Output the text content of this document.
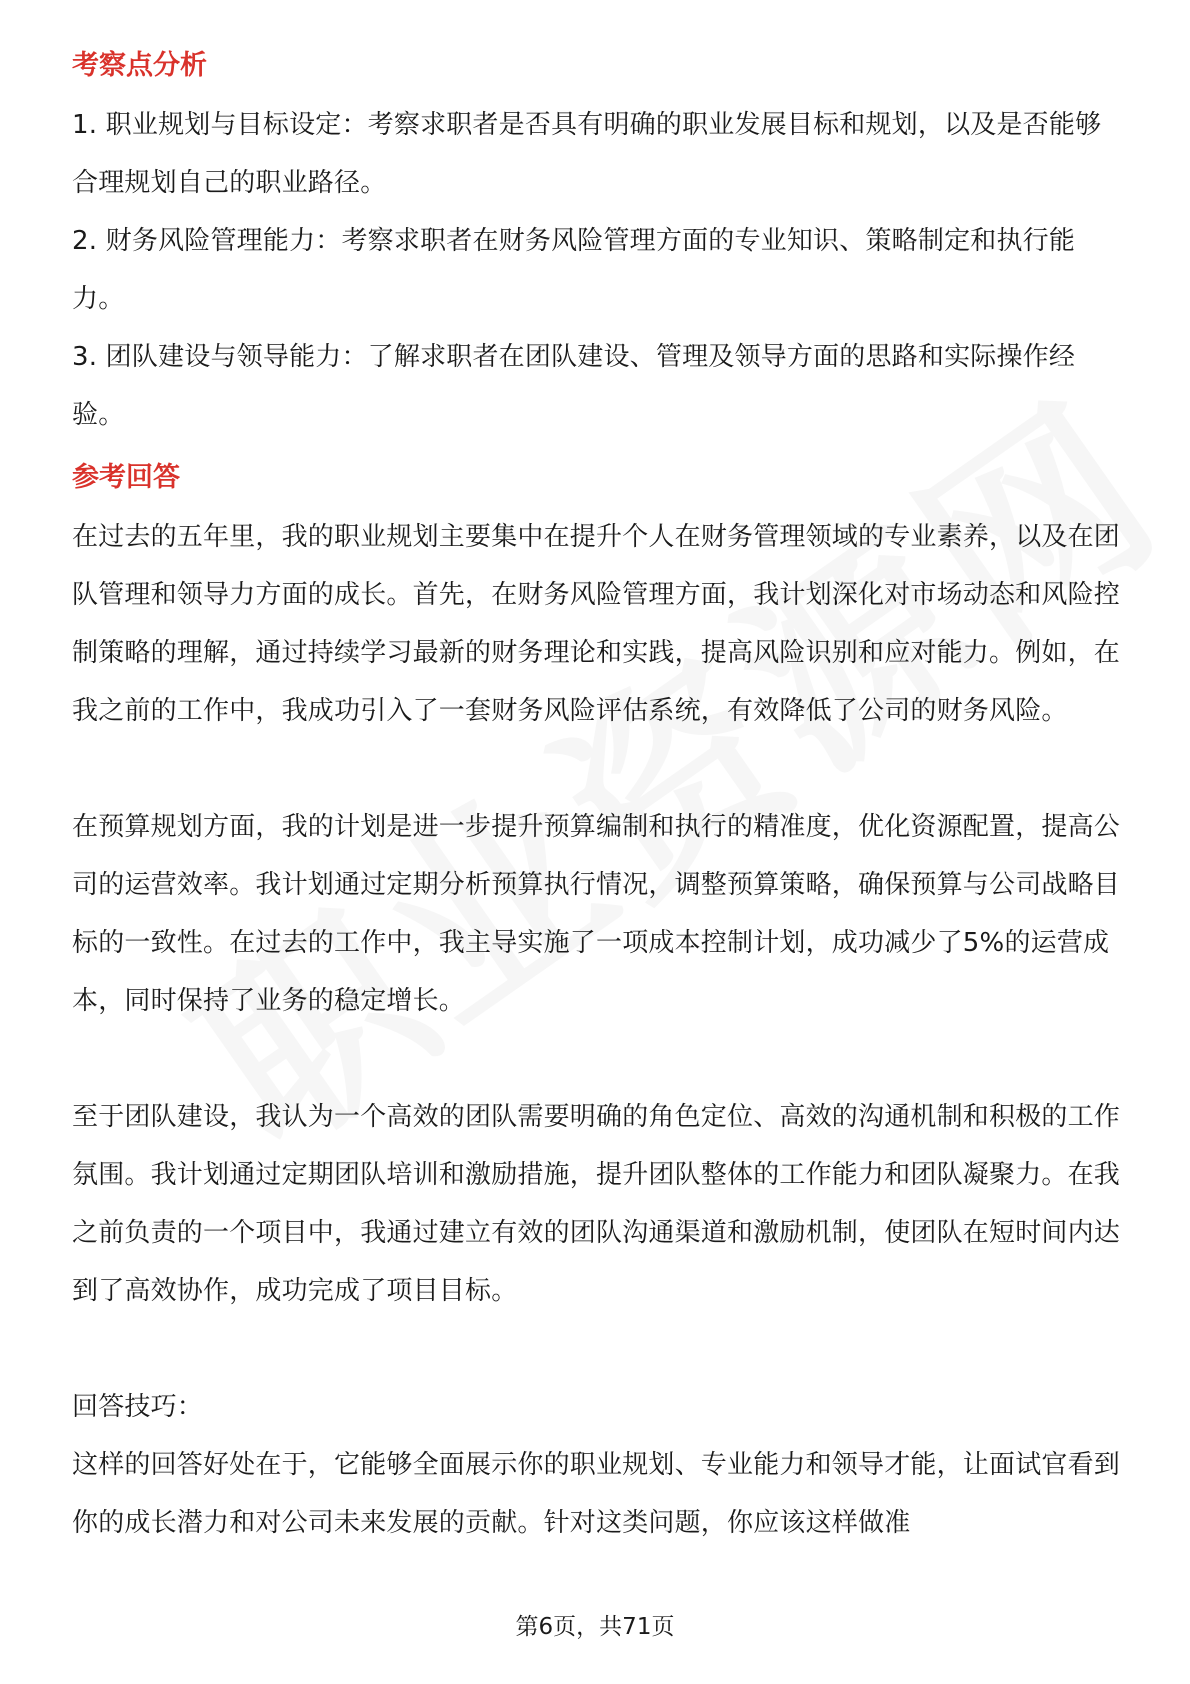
考察点分析

1. 职业规划与目标设定：考察求职者是否具有明确的职业发展目标和规划，以及是否能够合理规划自己的职业路径。

2. 财务风险管理能力：考察求职者在财务风险管理方面的专业知识、策略制定和执行能力。

3. 团队建设与领导能力：了解求职者在团队建设、管理及领导方面的思路和实际操作经验。

参考回答

在过去的五年里，我的职业规划主要集中在提升个人在财务管理领域的专业素养，以及在团队管理和领导力方面的成长。首先，在财务风险管理方面，我计划深化对市场动态和风险控制策略的理解，通过持续学习最新的财务理论和实践，提高风险识别和应对能力。例如，在我之前的工作中，我成功引入了一套财务风险评估系统，有效降低了公司的财务风险。

在预算规划方面，我的计划是进一步提升预算编制和执行的精准度，优化资源配置，提高公司的运营效率。我计划通过定期分析预算执行情况，调整预算策略，确保预算与公司战略目标的一致性。在过去的工作中，我主导实施了一项成本控制计划，成功减少了5%的运营成本，同时保持了业务的稳定增长。

至于团队建设，我认为一个高效的团队需要明确的角色定位、高效的沟通机制和积极的工作氛围。我计划通过定期团队培训和激励措施，提升团队整体的工作能力和团队凝聚力。在我之前负责的一个项目中，我通过建立有效的团队沟通渠道和激励机制，使团队在短时间内达到了高效协作，成功完成了项目目标。

回答技巧：

这样的回答好处在于，它能够全面展示你的职业规划、专业能力和领导才能，让面试官看到你的成长潜力和对公司未来发展的贡献。针对这类问题，你应该这样做准

第6页，共71页
